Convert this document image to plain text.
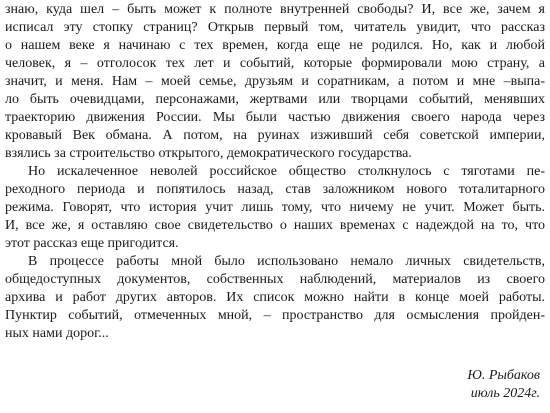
знаю, куда шел – быть может к полноте внутренней свободы? И, все же, зачем я
исписал эту стопку страниц? Открыв первый том, читатель увидит, что рассказ
о нашем веке я начинаю с тех времен, когда еще не родился. Но, как и любой
человек, я – отголосок тех лет и событий, которые формировали мою страну, а
значит, и меня. Нам – моей семье, друзьям и соратникам, а потом и мне –выпа-
ло быть очевидцами, персонажами, жертвами или творцами событий, менявших
траекторию движения России. Мы были частью движения своего народа через
кровавый Век обмана. А потом, на руинах изживший себя советской империи,
взялись за строительство открытого, демократического государства.
Но искалеченное неволей российское общество столкнулось с тяготами пе-
реходного периода и попятилось назад, став заложником нового тоталитарного
режима. Говорят, что история учит лишь тому, что ничему не учит. Может быть.
И, все же, я оставляю свое свидетельство о наших временах с надеждой на то, что
этот рассказ еще пригодится.
В процессе работы мной было использовано немало личных свидетельств,
общедоступных документов, собственных наблюдений, материалов из своего
архива и работ других авторов. Их список можно найти в конце моей работы.
Пунктир событий, отмеченных мной, – пространство для осмысления пройден-
ных нами дорог...
Ю. Рыбаков
июль 2024г.
